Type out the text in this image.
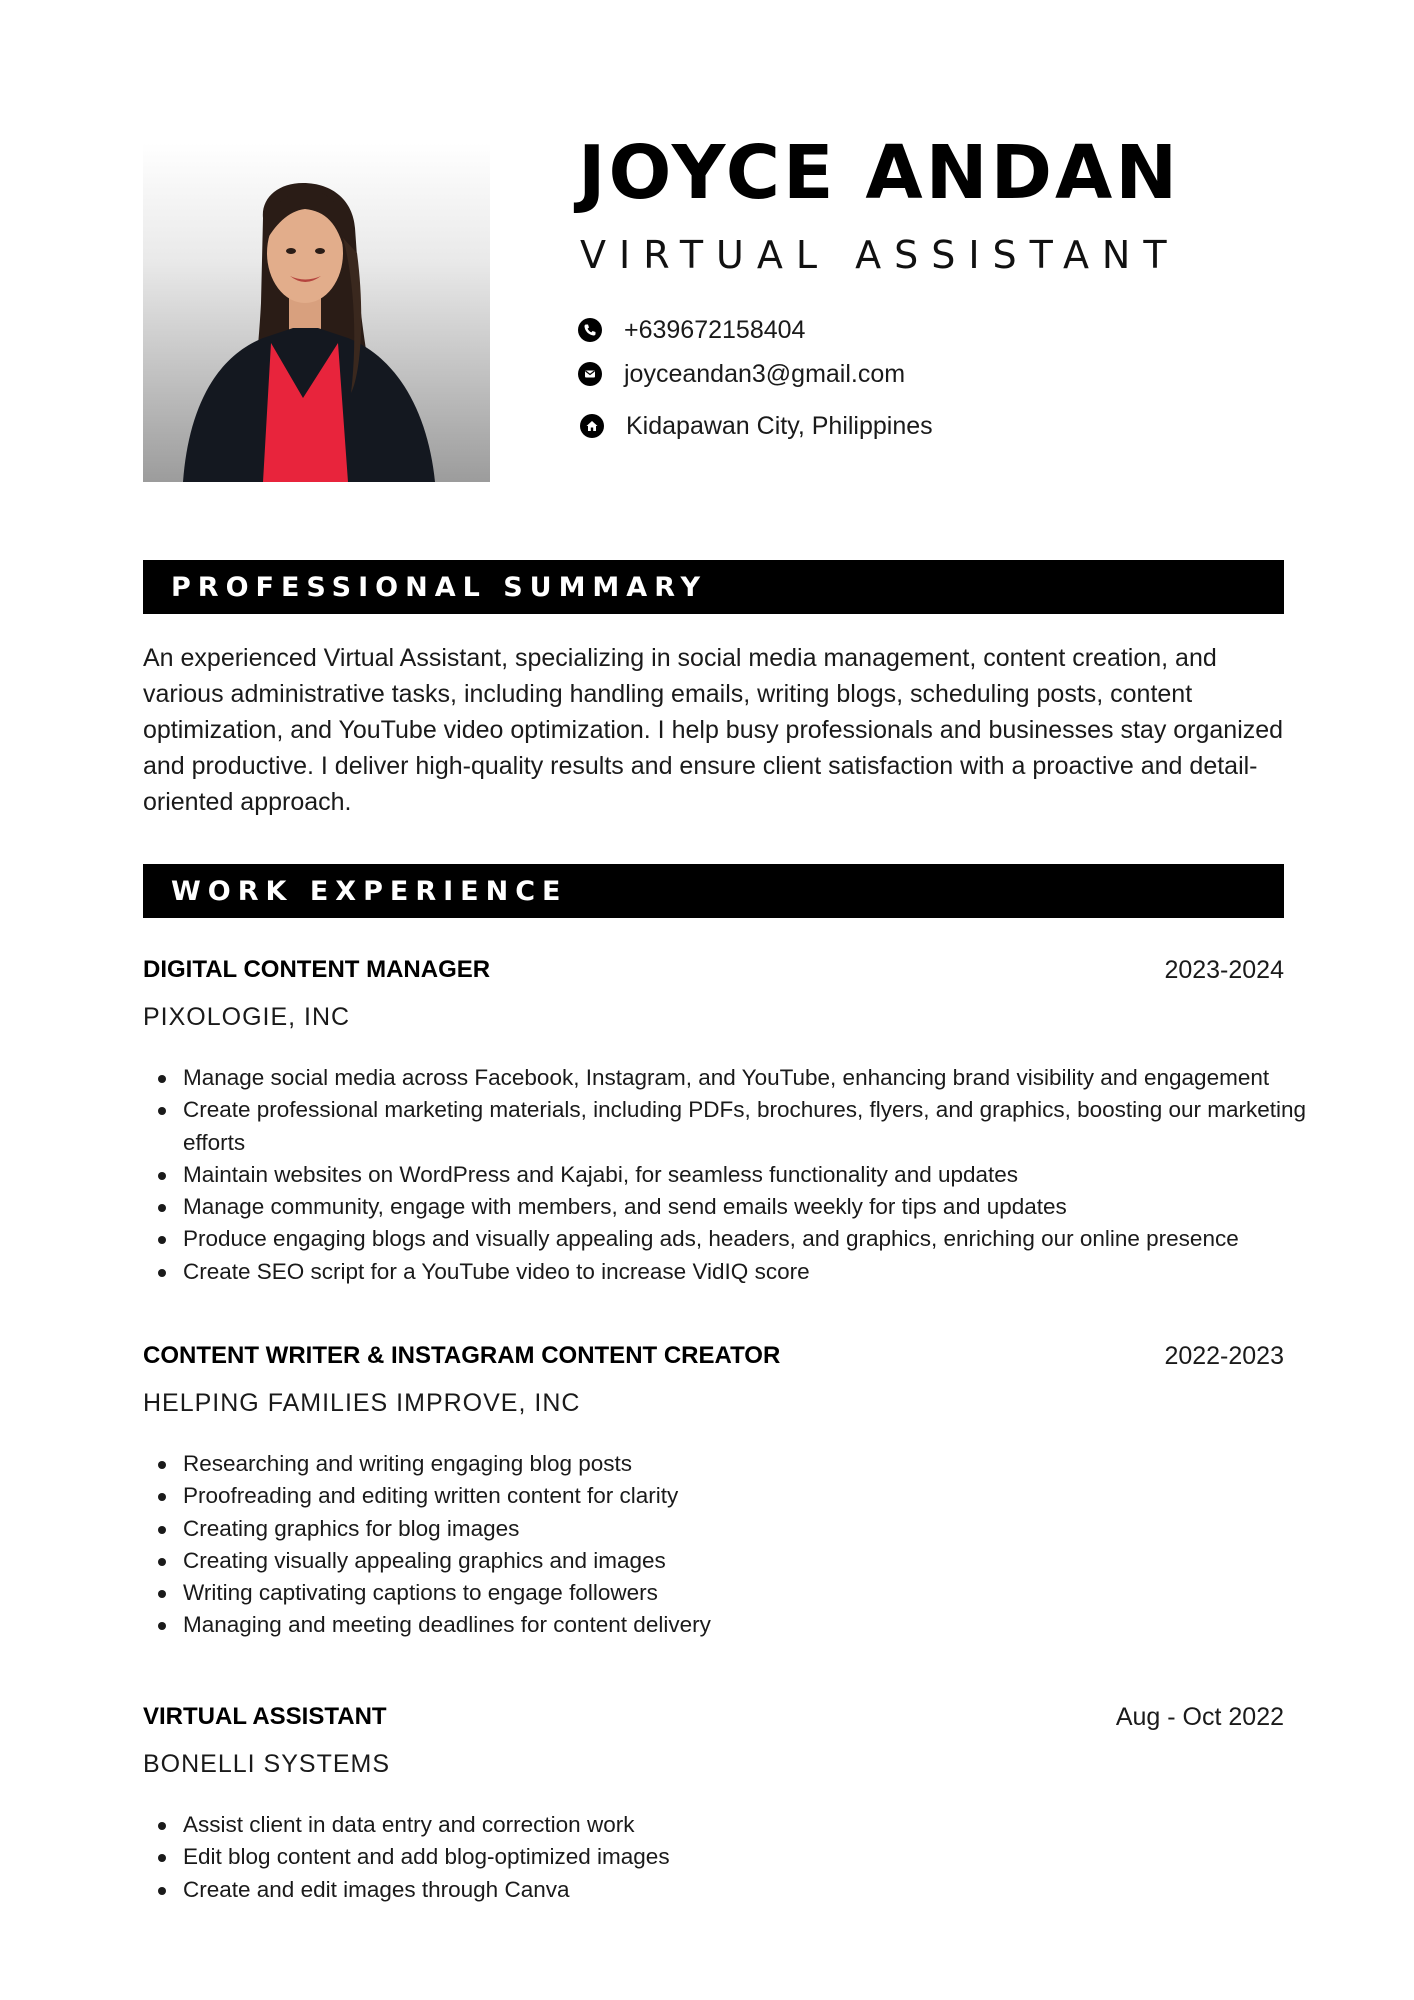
JOYCE ANDAN

VIRTUAL ASSISTANT

+639672158404
joyceandan3@gmail.com
Kidapawan City, Philippines
PROFESSIONAL SUMMARY

An experienced Virtual Assistant, specializing in social media management, content creation, and various administrative tasks, including handling emails, writing blogs, scheduling posts, content optimization, and YouTube video optimization. I help busy professionals and businesses stay organized and productive. I deliver high-quality results and ensure client satisfaction with a proactive and detail-oriented approach.

WORK EXPERIENCE
DIGITAL CONTENT MANAGER	2023-2024

PIXOLOGIE, INC

Manage social media across Facebook, Instagram, and YouTube, enhancing brand visibility and engagement
Create professional marketing materials, including PDFs, brochures, flyers, and graphics, boosting our marketing efforts
Maintain websites on WordPress and Kajabi, for seamless functionality and updates
Manage community, engage with members, and send emails weekly for tips and updates
Produce engaging blogs and visually appealing ads, headers, and graphics, enriching our online presence
Create SEO script for a YouTube video to increase VidIQ score
CONTENT WRITER & INSTAGRAM CONTENT CREATOR	2022-2023

HELPING FAMILIES IMPROVE, INC

Researching and writing engaging blog posts
Proofreading and editing written content for clarity
Creating graphics for blog images
Creating visually appealing graphics and images
Writing captivating captions to engage followers
Managing and meeting deadlines for content delivery
VIRTUAL ASSISTANT	Aug - Oct 2022

BONELLI SYSTEMS

Assist client in data entry and correction work
Edit blog content and add blog-optimized images
Create and edit images through Canva
